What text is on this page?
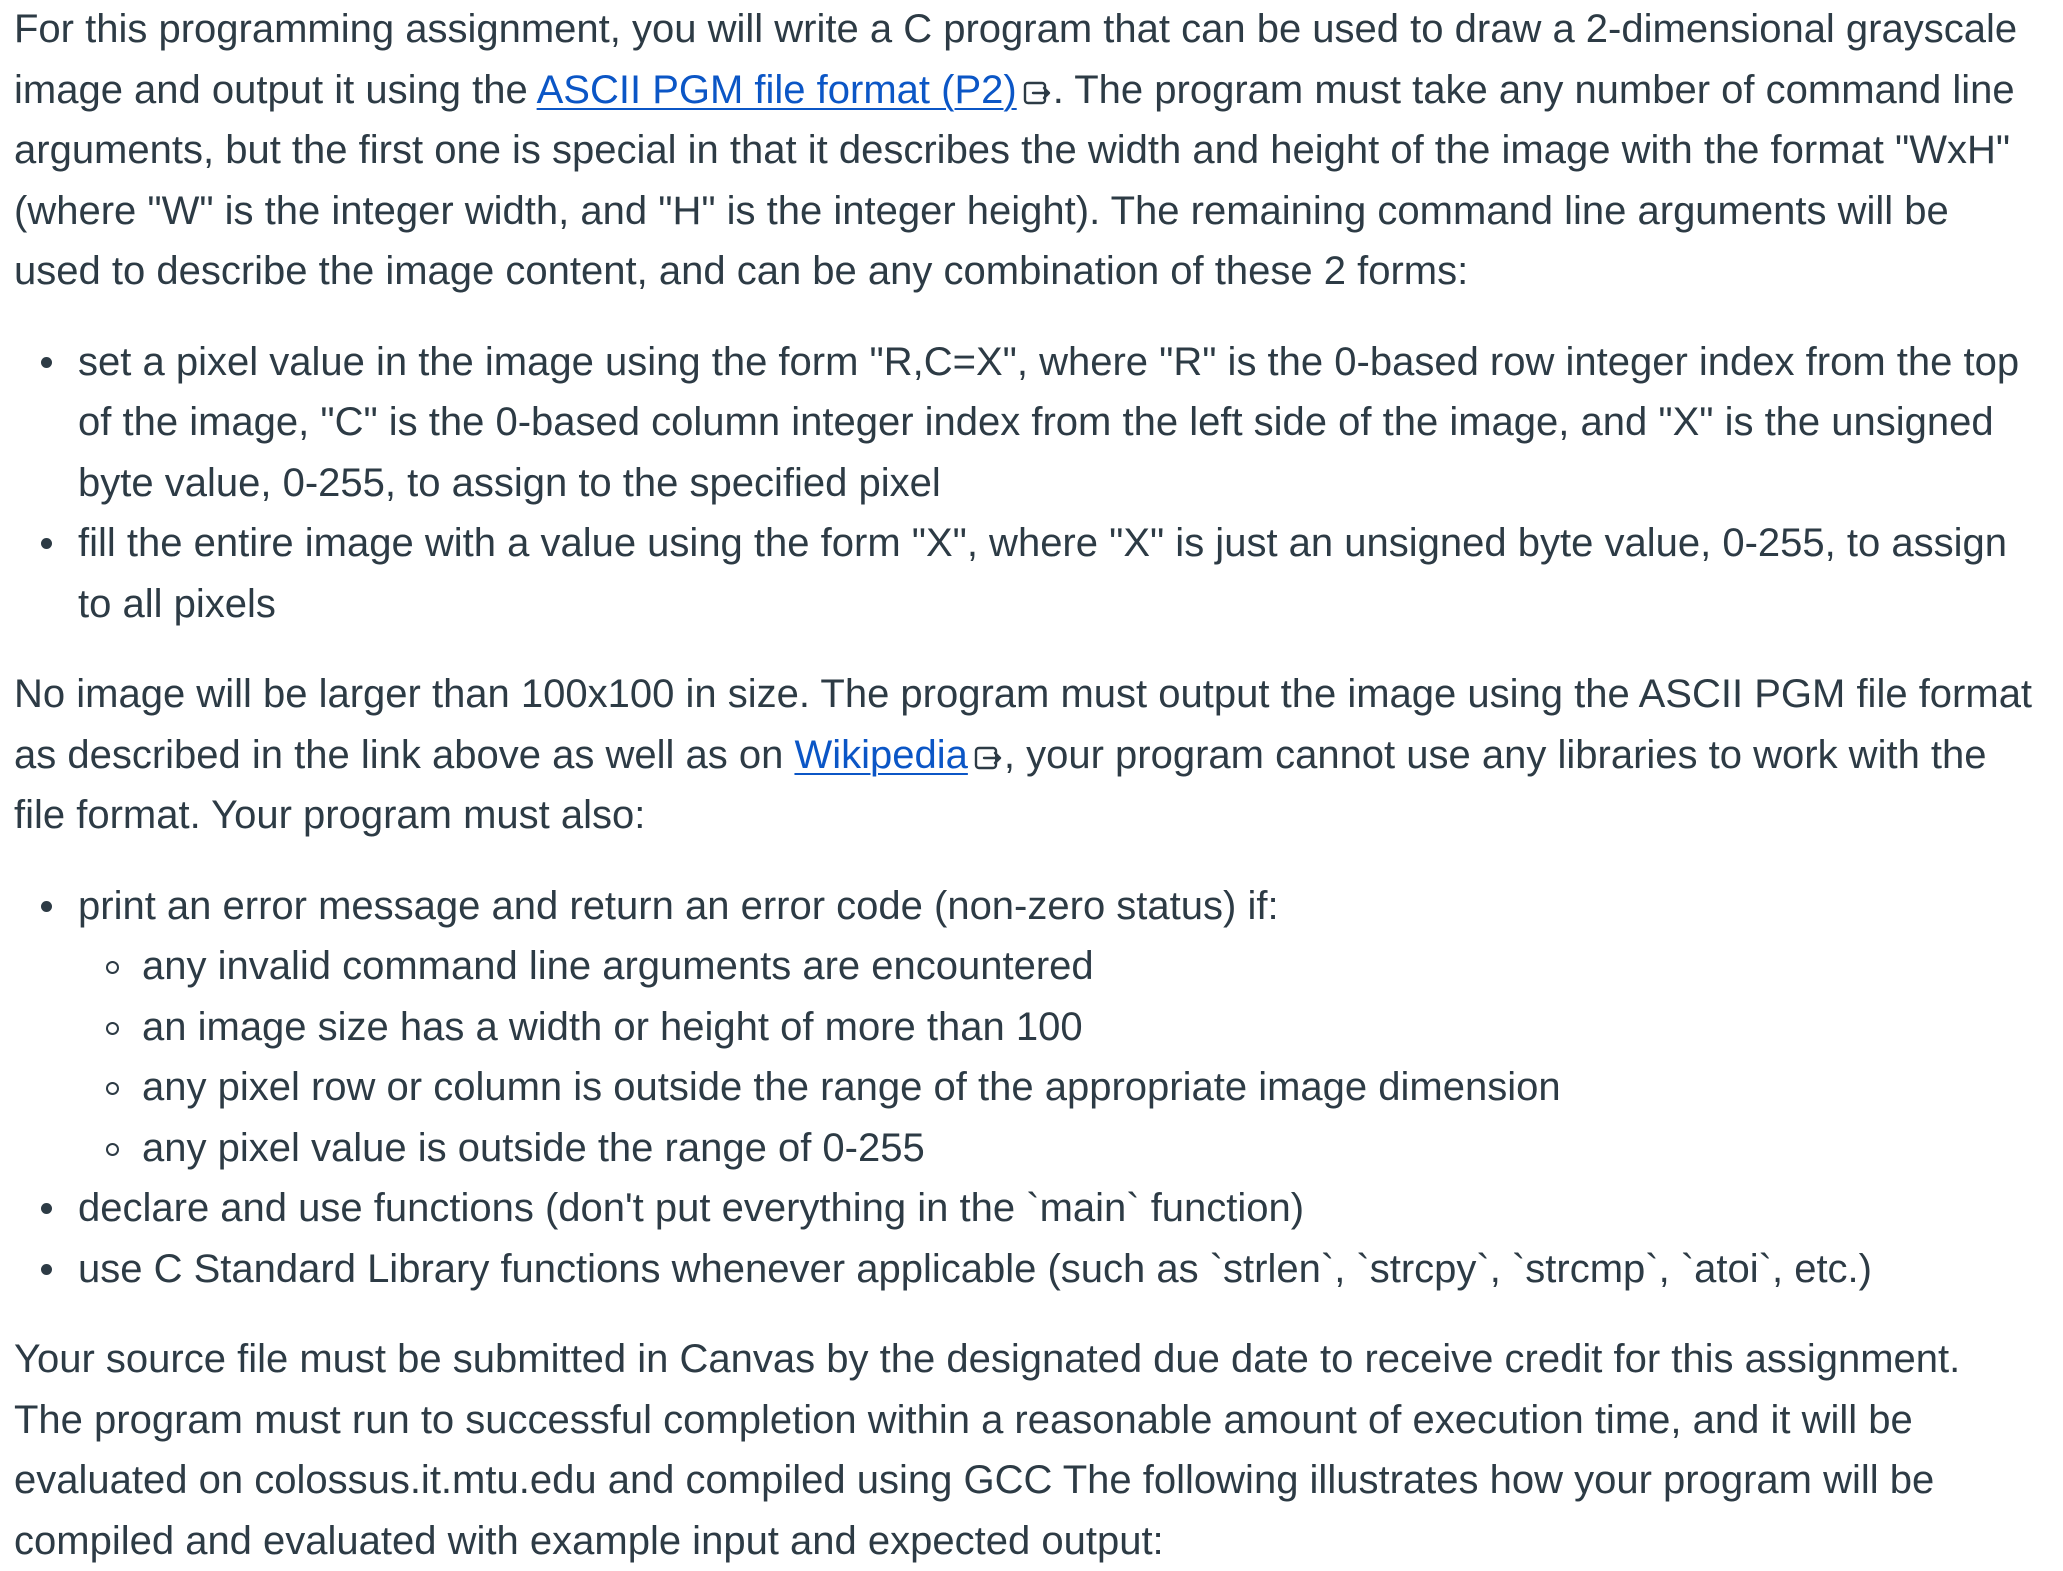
For this programming assignment, you will write a C program that can be used to draw a 2-dimensional grayscale image and output it using the ASCII PGM file format (P2) . The program must take any number of command line arguments, but the first one is special in that it describes the width and height of the image with the format "WxH" (where "W" is the integer width, and "H" is the integer height). The remaining command line arguments will be used to describe the image content, and can be any combination of these 2 forms:

set a pixel value in the image using the form "R,C=X", where "R" is the 0-based row integer index from the top of the image, "C" is the 0-based column integer index from the left side of the image, and "X" is the unsigned byte value, 0-255, to assign to the specified pixel
fill the entire image with a value using the form "X", where "X" is just an unsigned byte value, 0-255, to assign to all pixels

No image will be larger than 100x100 in size. The program must output the image using the ASCII PGM file format as described in the link above as well as on Wikipedia , your program cannot use any libraries to work with the file format. Your program must also:

print an error message and return an error code (non-zero status) if:
any invalid command line arguments are encountered
an image size has a width or height of more than 100
any pixel row or column is outside the range of the appropriate image dimension
any pixel value is outside the range of 0-255
declare and use functions (don't put everything in the `main` function)
use C Standard Library functions whenever applicable (such as `strlen`, `strcpy`, `strcmp`, `atoi`, etc.)

Your source file must be submitted in Canvas by the designated due date to receive credit for this assignment. The program must run to successful completion within a reasonable amount of execution time, and it will be evaluated on colossus.it.mtu.edu and compiled using GCC The following illustrates how your program will be compiled and evaluated with example input and expected output:
